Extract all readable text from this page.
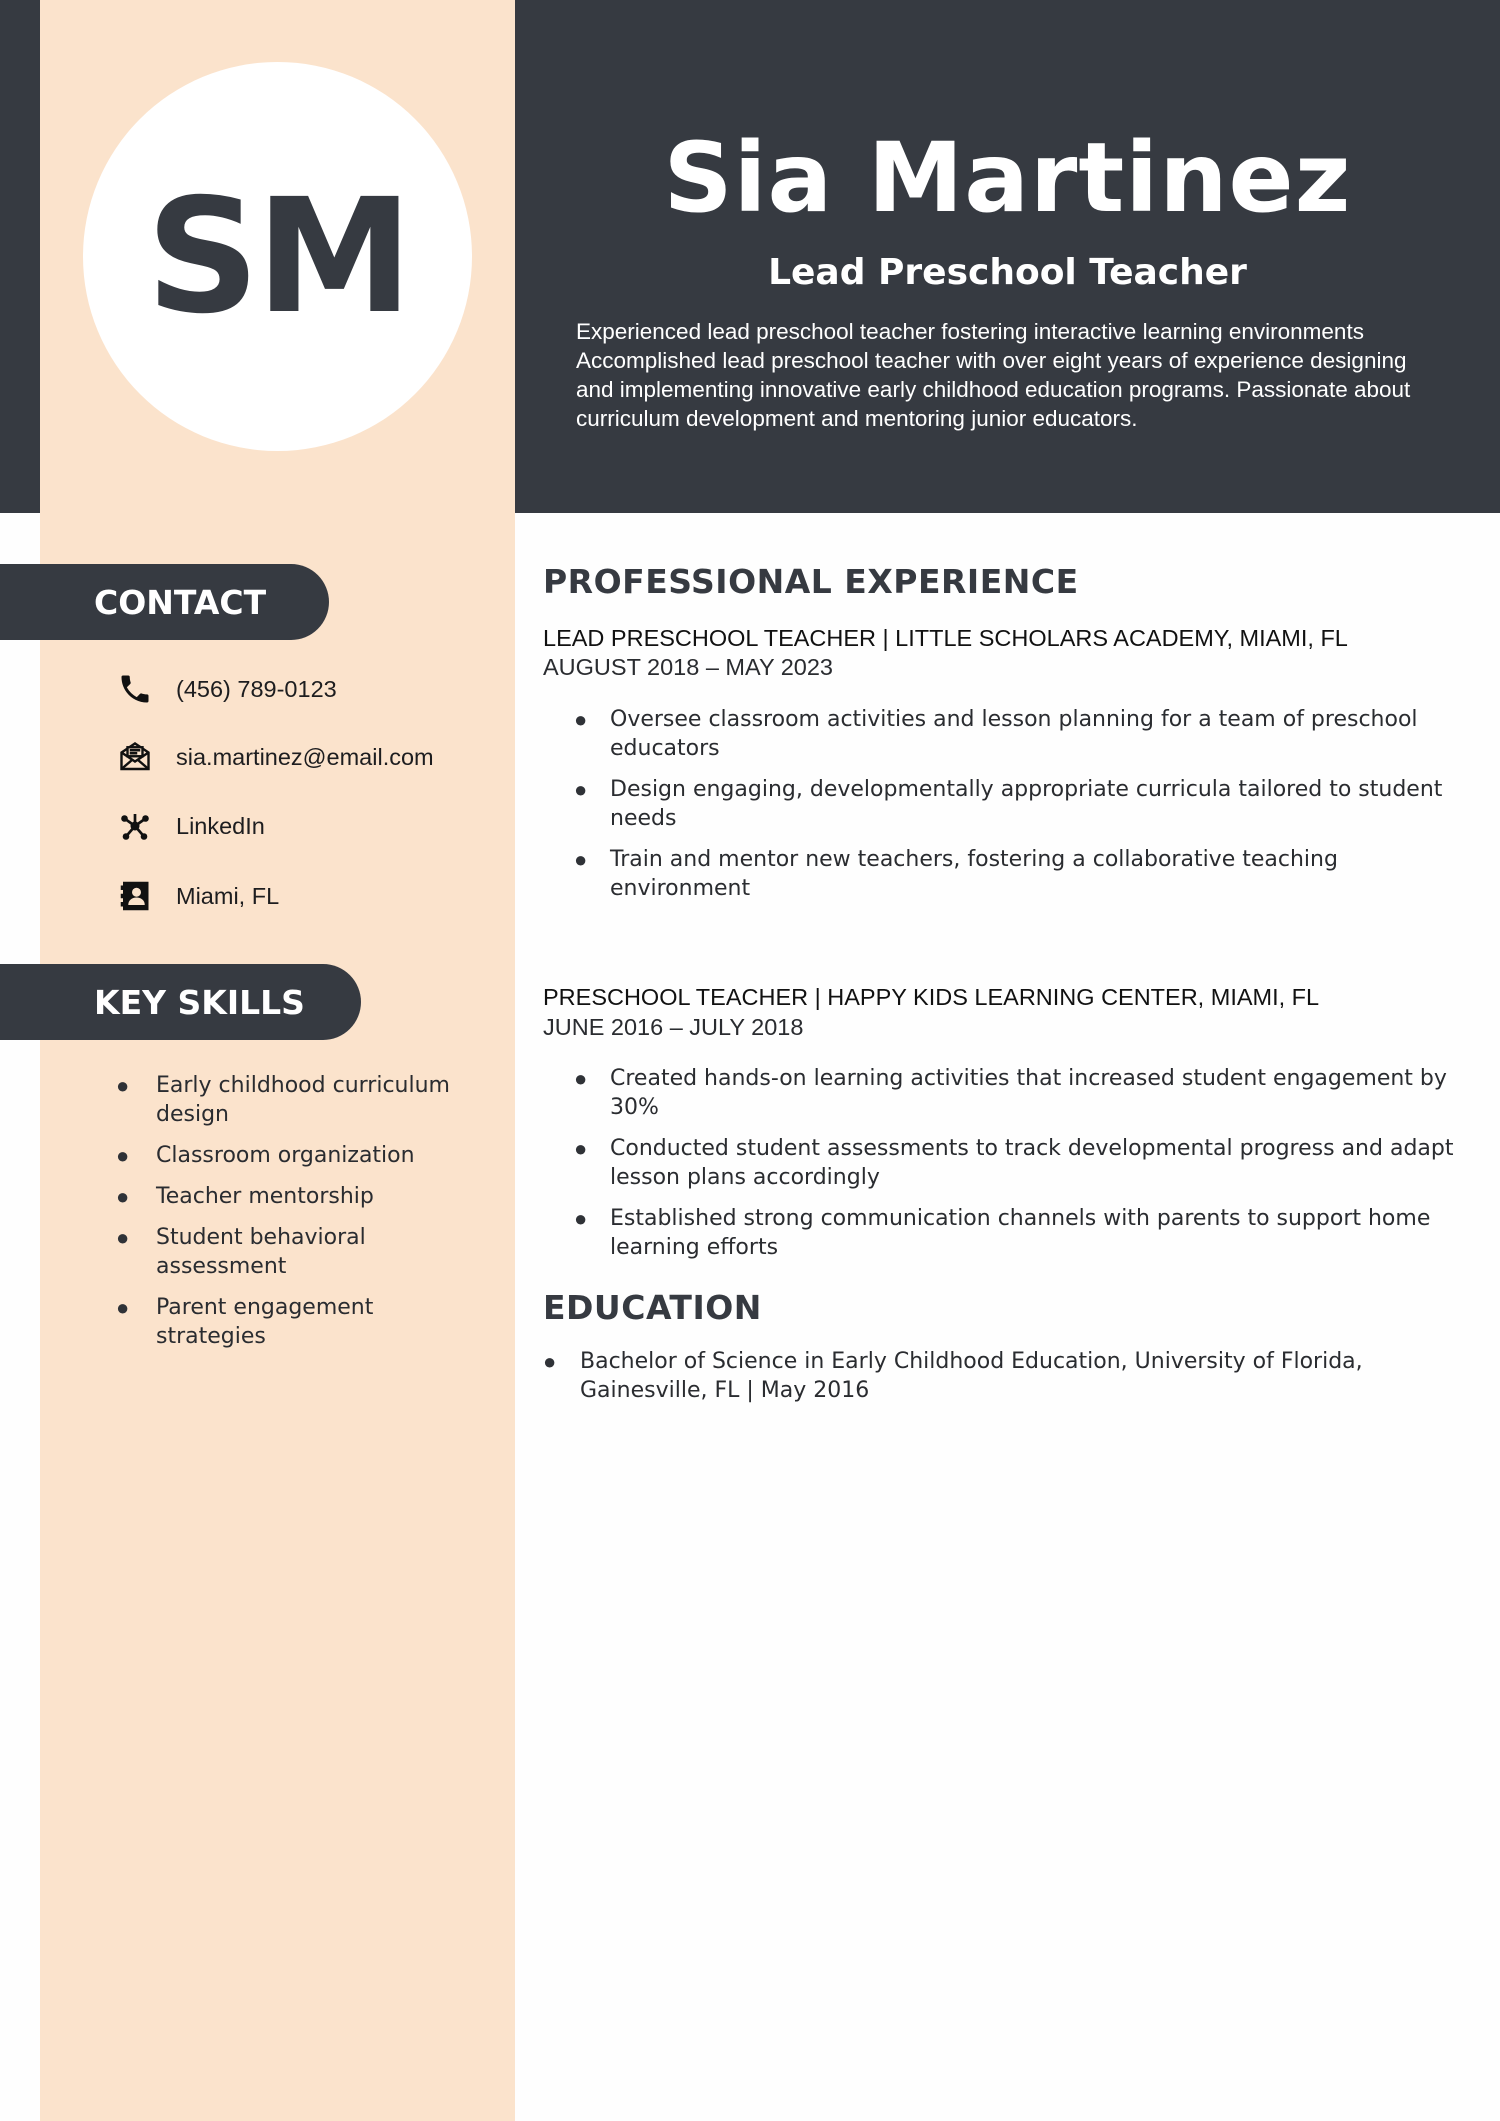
SM	Sia Martinez
Lead Preschool Teacher
Experienced lead preschool teacher fostering interactive learning environments
Accomplished lead preschool teacher with over eight years of experience designing
and implementing innovative early childhood education programs. Passionate about
curriculum development and mentoring junior educators.
CONTACT
(456) 789-0123
sia.martinez@email.com
LinkedIn
Miami, FL
KEY SKILLS
●	Early childhood curriculum
design
●	Classroom organization
●	Teacher mentorship
●	Student behavioral
assessment
●	Parent engagement
strategies
PROFESSIONAL EXPERIENCE
LEAD PRESCHOOL TEACHER | LITTLE SCHOLARS ACADEMY, MIAMI, FL
AUGUST 2018 – MAY 2023
●	Oversee classroom activities and lesson planning for a team of preschool
educators
●	Design engaging, developmentally appropriate curricula tailored to student
needs
●	Train and mentor new teachers, fostering a collaborative teaching
environment
PRESCHOOL TEACHER | HAPPY KIDS LEARNING CENTER, MIAMI, FL
JUNE 2016 – JULY 2018
●	Created hands-on learning activities that increased student engagement by
30%
●	Conducted student assessments to track developmental progress and adapt
lesson plans accordingly
●	Established strong communication channels with parents to support home
learning efforts
EDUCATION
●	Bachelor of Science in Early Childhood Education, University of Florida,
Gainesville, FL | May 2016
